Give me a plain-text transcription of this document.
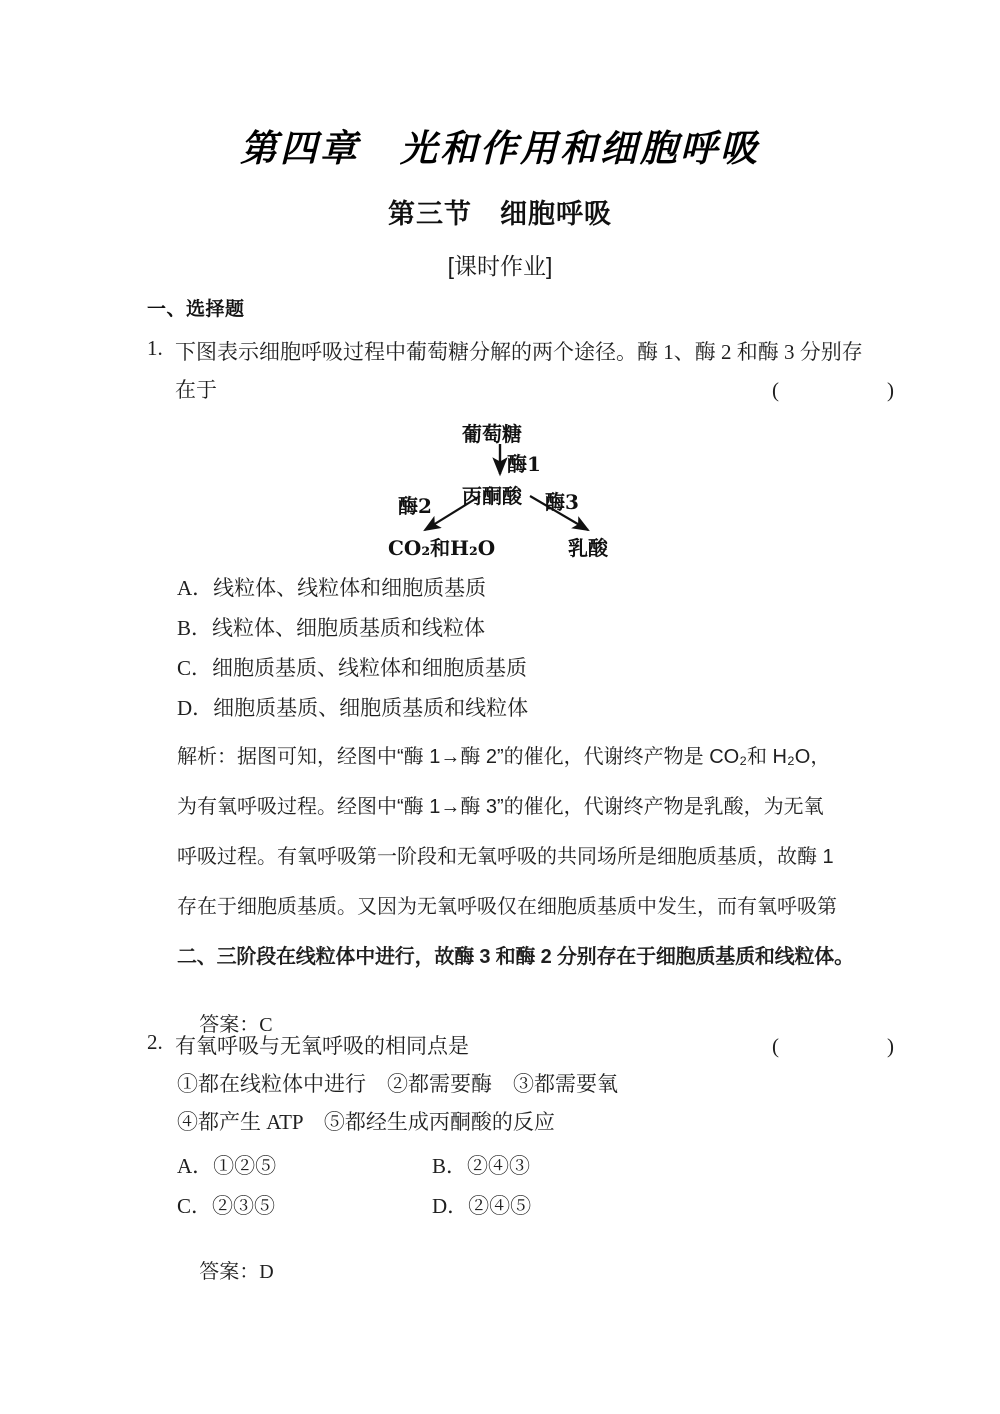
第四章　光和作用和细胞呼吸
第三节　细胞呼吸
[课时作业]
一、选择题
1. 下图表示细胞呼吸过程中葡萄糖分解的两个途径。酶 1、酶 2 和酶 3 分别存
在于	(　　)
葡萄糖
酶1
丙酮酸
酶2	酶3
CO₂和H₂O	乳酸
A．线粒体、线粒体和细胞质基质
B．线粒体、细胞质基质和线粒体
C．细胞质基质、线粒体和细胞质基质
D．细胞质基质、细胞质基质和线粒体
解析：据图可知，经图中“酶 1→酶 2”的催化，代谢终产物是 CO₂和 H₂O，
为有氧呼吸过程。经图中“酶 1→酶 3”的催化，代谢终产物是乳酸，为无氧
呼吸过程。有氧呼吸第一阶段和无氧呼吸的共同场所是细胞质基质，故酶 1
存在于细胞质基质。又因为无氧呼吸仅在细胞质基质中发生，而有氧呼吸第
二、三阶段在线粒体中进行，故酶 3 和酶 2 分别存在于细胞质基质和线粒体。

答案：C

2. 有氧呼吸与无氧呼吸的相同点是	(　　)
①都在线粒体中进行　②都需要酶　③都需要氧
④都产生 ATP　⑤都经生成丙酮酸的反应
A．①②⑤	B．②④③
C．②③⑤	D．②④⑤

答案：D
